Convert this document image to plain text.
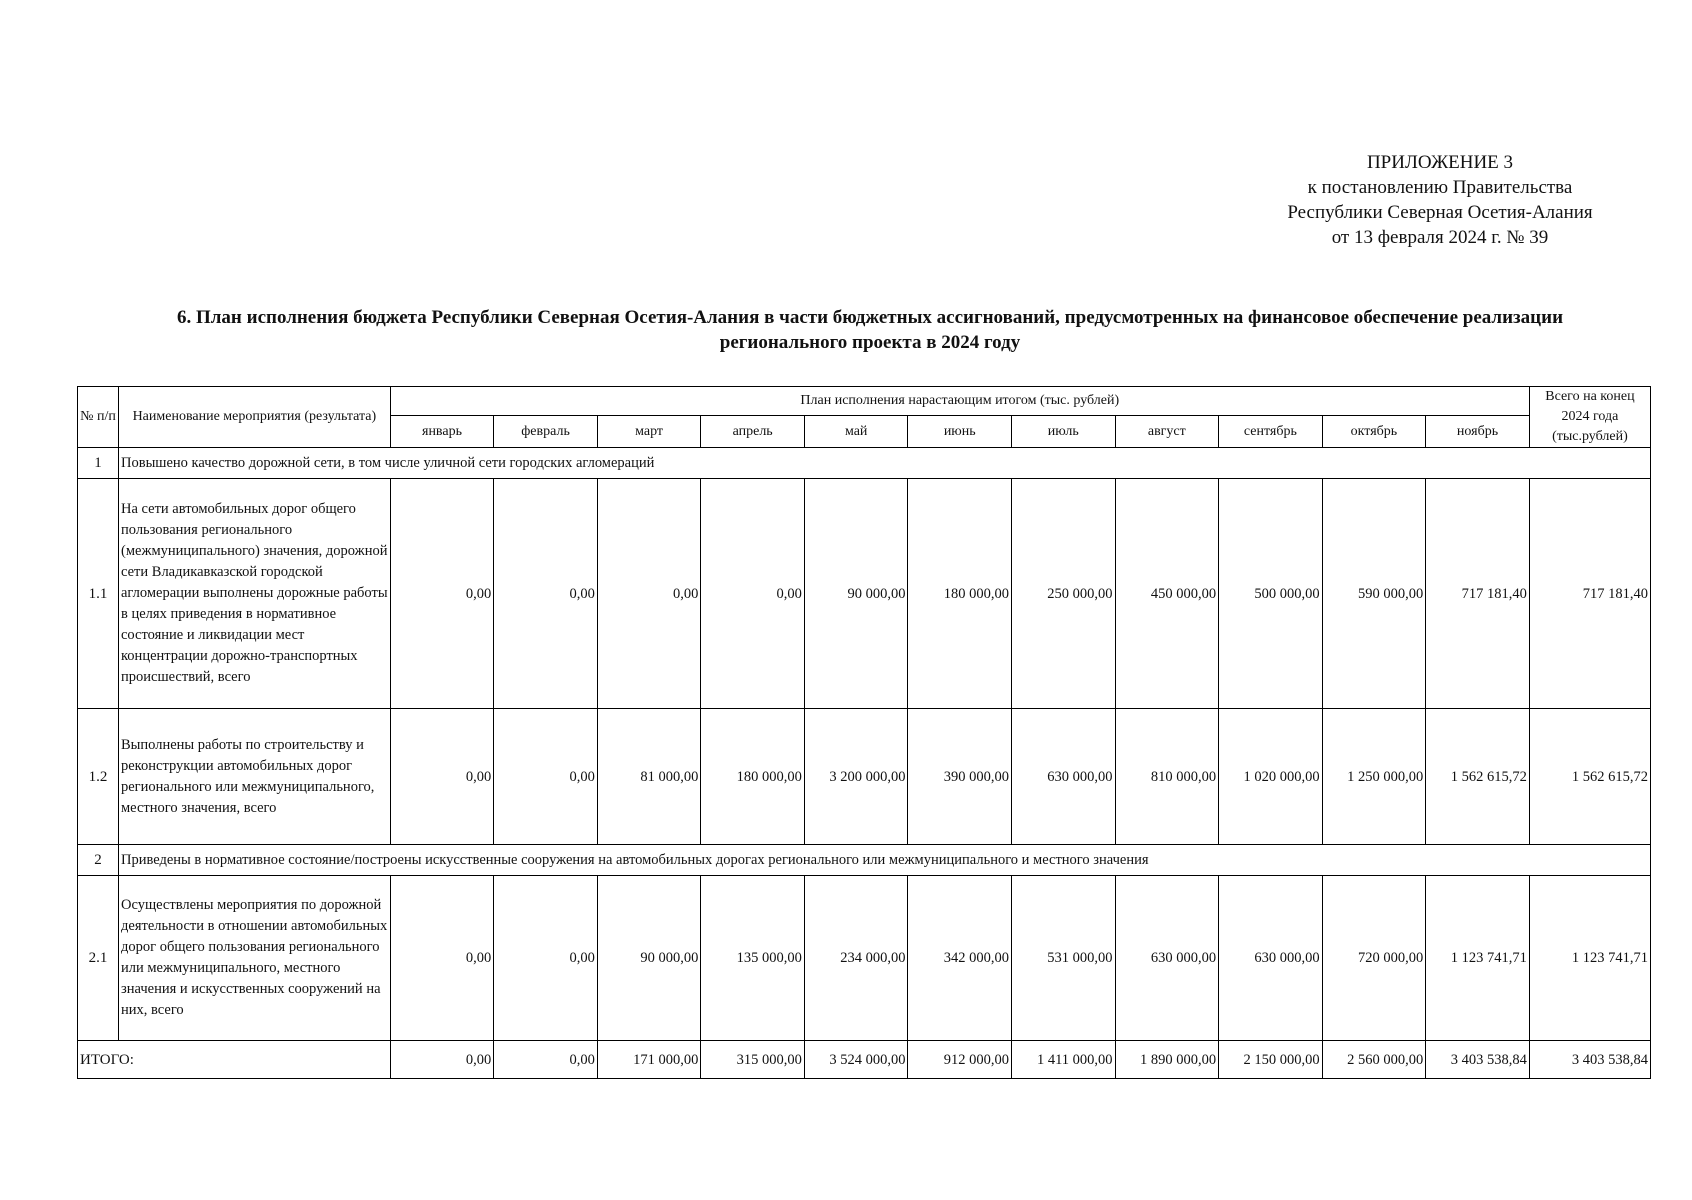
ПРИЛОЖЕНИЕ 3
к постановлению Правительства
Республики Северная Осетия-Алания
от 13 февраля 2024 г. № 39
6. План исполнения бюджета Республики Северная Осетия-Алания в части бюджетных ассигнований, предусмотренных на финансовое обеспечение реализации
регионального проекта в 2024 году
№ п/п	Наименование мероприятия (результата)	План исполнения нарастающим итогом (тыс. рублей)											Всего на конец 2024 года (тыс.рублей)
		январь	февраль	март	апрель	май	июнь	июль	август	сентябрь	октябрь	ноябрь	
1	Повышено качество дорожной сети, в том числе уличной сети городских агломераций												
1.1	На сети автомобильных дорог общего пользования регионального (межмуниципального) значения, дорожной сети Владикавказской городской агломерации выполнены дорожные работы в целях приведения в нормативное состояние и ликвидации мест концентрации дорожно-транспортных происшествий, всего	0,00	0,00	0,00	0,00	90 000,00	180 000,00	250 000,00	450 000,00	500 000,00	590 000,00	717 181,40	717 181,40
1.2	Выполнены работы по строительству и реконструкции автомобильных дорог регионального или межмуниципального, местного значения, всего	0,00	0,00	81 000,00	180 000,00	3 200 000,00	390 000,00	630 000,00	810 000,00	1 020 000,00	1 250 000,00	1 562 615,72	1 562 615,72
2	Приведены в нормативное состояние/построены искусственные сооружения на автомобильных дорогах регионального или межмуниципального и местного значения												
2.1	Осуществлены мероприятия по дорожной деятельности в отношении автомобильных дорог общего пользования регионального или межмуниципального, местного значения и искусственных сооружений на них, всего	0,00	0,00	90 000,00	135 000,00	234 000,00	342 000,00	531 000,00	630 000,00	630 000,00	720 000,00	1 123 741,71	1 123 741,71
ИТОГО:		0,00	0,00	171 000,00	315 000,00	3 524 000,00	912 000,00	1 411 000,00	1 890 000,00	2 150 000,00	2 560 000,00	3 403 538,84	3 403 538,84
